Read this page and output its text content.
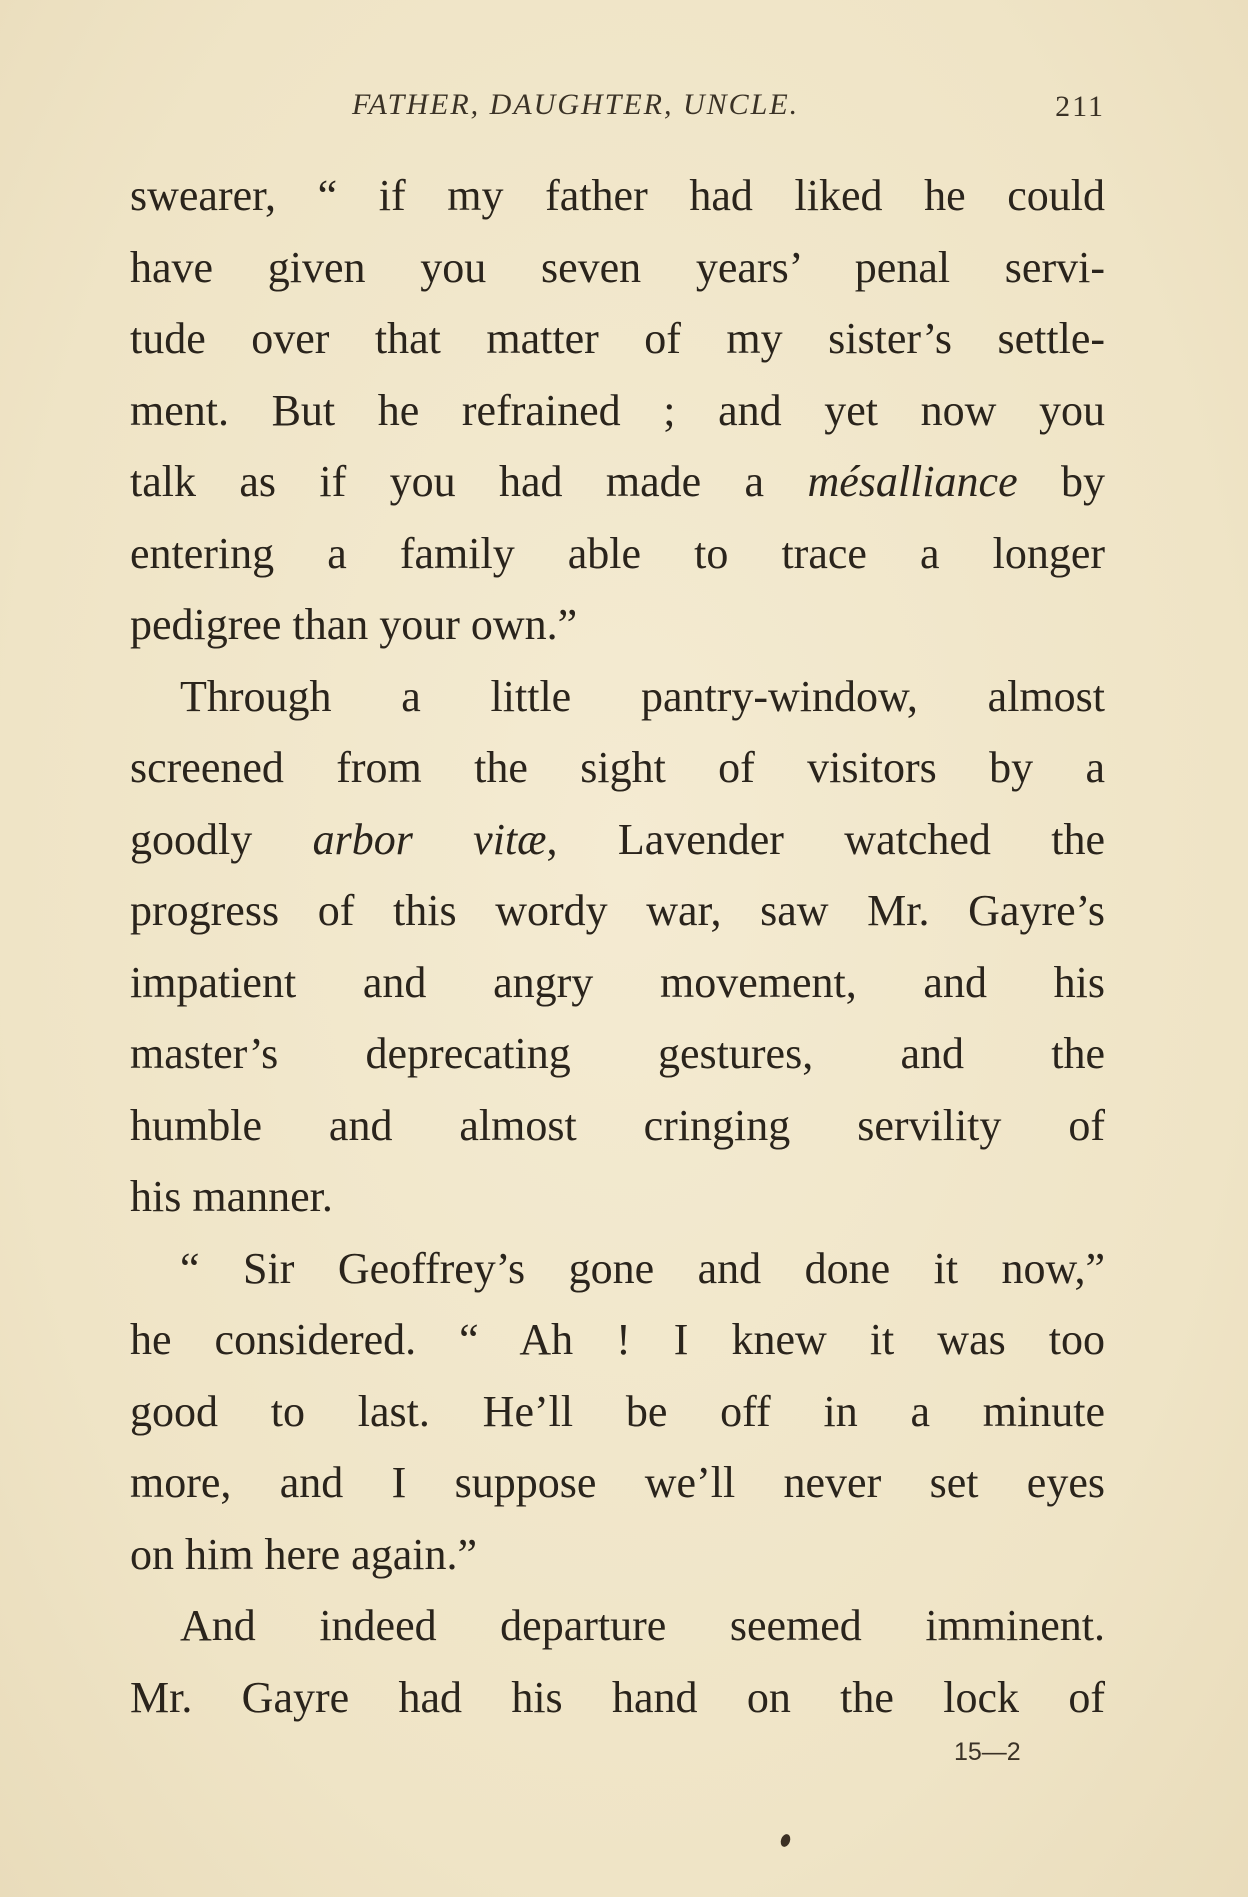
FATHER, DAUGHTER, UNCLE.	211
swearer, “ if my father had liked he could
have given you seven years’ penal servi-
tude over that matter of my sister’s settle-
ment. But he refrained ; and yet now you
talk as if you had made a mésalliance by
entering a family able to trace a longer
pedigree than your own.”
Through a little pantry-window, almost
screened from the sight of visitors by a
goodly arbor vitæ, Lavender watched the
progress of this wordy war, saw Mr. Gayre’s
impatient and angry movement, and his
master’s deprecating gestures, and the
humble and almost cringing servility of
his manner.
“ Sir Geoffrey’s gone and done it now,”
he considered. “ Ah ! I knew it was too
good to last. He’ll be off in a minute
more, and I suppose we’ll never set eyes
on him here again.”
And indeed departure seemed imminent.
Mr. Gayre had his hand on the lock of
15—2
